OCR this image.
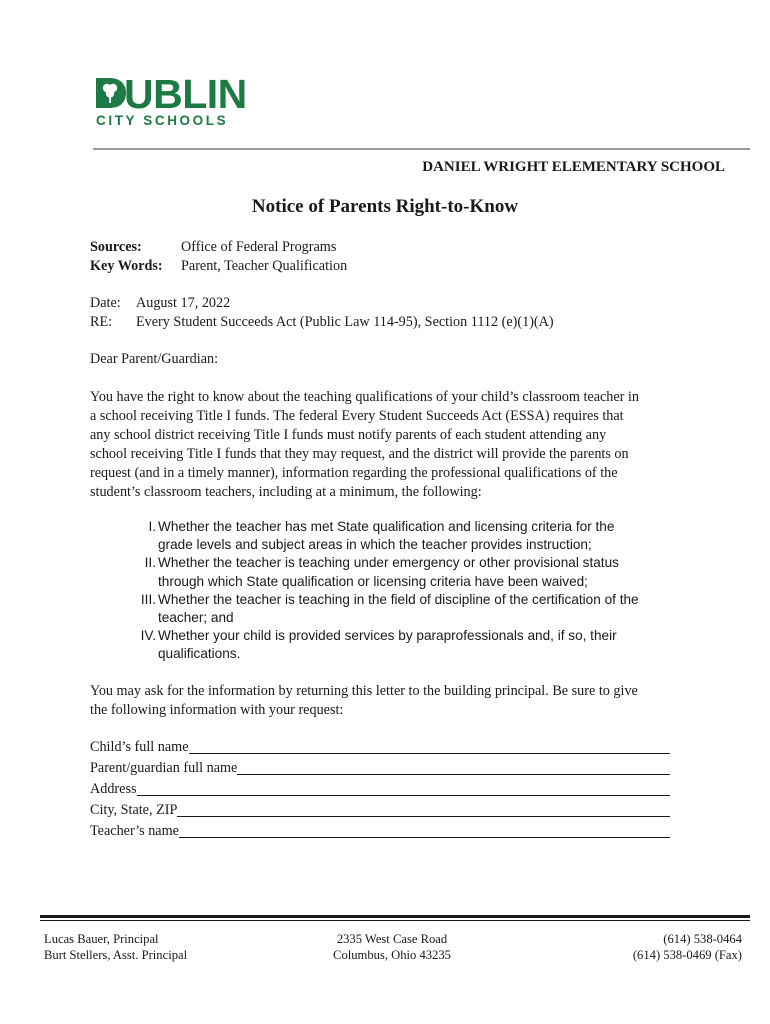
UBLIN
CITY SCHOOLS
DANIEL WRIGHT ELEMENTARY SCHOOL
Notice of Parents Right-to-Know
Sources:	Office of Federal Programs
Key Words: Parent, Teacher Qualification
Date: August 17, 2022
RE: Every Student Succeeds Act (Public Law 114-95), Section 1112 (e)(1)(A)
Dear Parent/Guardian:
You have the right to know about the teaching qualifications of your child’s classroom teacher in
a school receiving Title I funds. The federal Every Student Succeeds Act (ESSA) requires that
any school district receiving Title I funds must notify parents of each student attending any
school receiving Title I funds that they may request, and the district will provide the parents on
request (and in a timely manner), information regarding the professional qualifications of the
student’s classroom teachers, including at a minimum, the following:
I. Whether the teacher has met State qualification and licensing criteria for the
grade levels and subject areas in which the teacher provides instruction;
II. Whether the teacher is teaching under emergency or other provisional status
through which State qualification or licensing criteria have been waived;
III. Whether the teacher is teaching in the field of discipline of the certification of the
teacher; and
IV. Whether your child is provided services by paraprofessionals and, if so, their
qualifications.
You may ask for the information by returning this letter to the building principal. Be sure to give
the following information with your request:
Child’s full name
Parent/guardian full name
Address
City, State, ZIP
Teacher’s name
Lucas Bauer, Principal
Burt Stellers, Asst. Principal
2335 West Case Road
Columbus, Ohio 43235
(614) 538-0464
(614) 538-0469 (Fax)
